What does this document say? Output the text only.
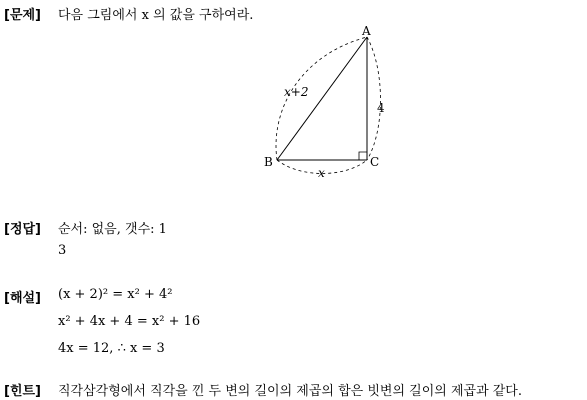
[문제] 다음 그림에서 x 의 값을 구하여라.
A
B	C
x+2
4
x
[정답] 순서: 없음, 갯수: 1
3
[해설] (x + 2)² = x² + 4²
x² + 4x + 4 = x² + 16
4x = 12, ∴ x = 3
[힌트] 직각삼각형에서 직각을 낀 두 변의 길이의 제곱의 합은 빗변의 길이의 제곱과 같다.
